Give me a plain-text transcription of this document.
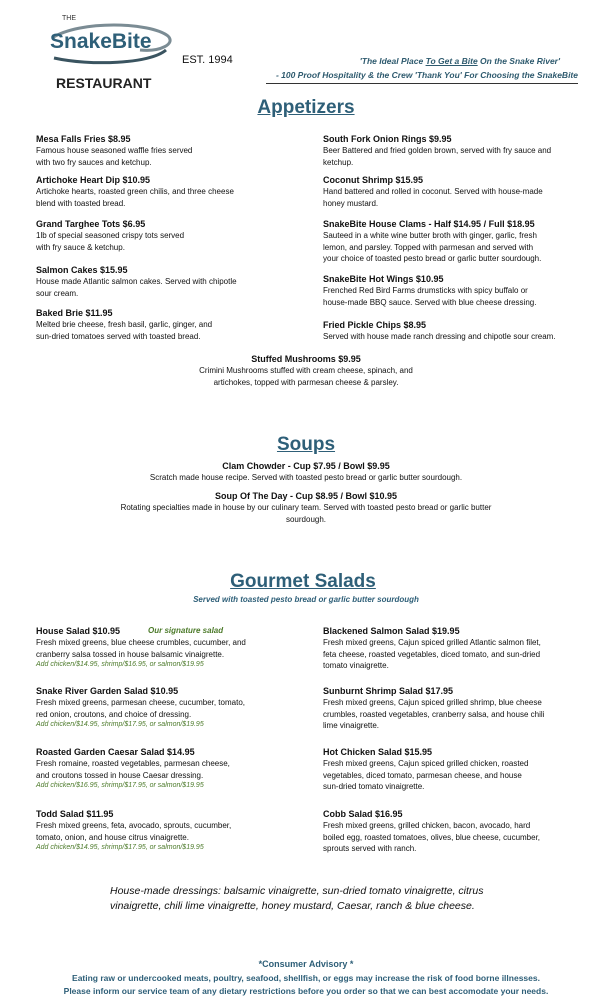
THE
SnakeBite
RESTAURANT
EST. 1994	'The Ideal Place To Get a Bite On the Snake River'
- 100 Proof Hospitality & the Crew 'Thank You' For Choosing the SnakeBite
Appetizers
Mesa Falls Fries $8.95
Famous house seasoned waffle fries served
with two fry sauces and ketchup.
Artichoke Heart Dip $10.95
Artichoke hearts, roasted green chilis, and three cheese
blend with toasted bread.
Grand Targhee Tots $6.95
1lb of special seasoned crispy tots served
with fry sauce & ketchup.
Salmon Cakes $15.95
House made Atlantic salmon cakes. Served with chipotle
sour cream.
Baked Brie $11.95
Melted brie cheese, fresh basil, garlic, ginger, and
sun-dried tomatoes served with toasted bread.
South Fork Onion Rings $9.95
Beer Battered and fried golden brown, served with fry sauce and
ketchup.
Coconut Shrimp $15.95
Hand battered and rolled in coconut. Served with house-made
honey mustard.
SnakeBite House Clams - Half $14.95 / Full $18.95
Sauteed in a white wine butter broth with ginger, garlic, fresh
lemon, and parsley. Topped with parmesan and served with
your choice of toasted pesto bread or garlic butter sourdough.
SnakeBite Hot Wings $10.95
Frenched Red Bird Farms drumsticks with spicy buffalo or
house-made BBQ sauce. Served with blue cheese dressing.
Fried Pickle Chips $8.95
Served with house made ranch dressing and chipotle sour cream.
Stuffed Mushrooms $9.95
Crimini Mushrooms stuffed with cream cheese, spinach, and
artichokes, topped with parmesan cheese & parsley.
Soups
Clam Chowder - Cup $7.95 / Bowl $9.95
Scratch made house recipe. Served with toasted pesto bread or garlic butter sourdough.
Soup Of The Day - Cup $8.95 / Bowl $10.95
Rotating specialties made in house by our culinary team. Served with toasted pesto bread or garlic butter
sourdough.
Gourmet Salads
Served with toasted pesto bread or garlic butter sourdough
Our signature salad
House Salad $10.95
Fresh mixed greens, blue cheese crumbles, cucumber, and
cranberry salsa tossed in house balsamic vinaigrette.
Add chicken/$14.95, shrimp/$16.95, or salmon/$19.95
Snake River Garden Salad $10.95
Fresh mixed greens, parmesan cheese, cucumber, tomato,
red onion, croutons, and choice of dressing.
Add chicken/$14.95, shrimp/$17.95, or salmon/$19.95
Roasted Garden Caesar Salad $14.95
Fresh romaine, roasted vegetables, parmesan cheese,
and croutons tossed in house Caesar dressing.
Add chicken/$16.95, shrimp/$17.95, or salmon/$19.95
Todd Salad $11.95
Fresh mixed greens, feta, avocado, sprouts, cucumber,
tomato, onion, and house citrus vinaigrette.
Add chicken/$14.95, shrimp/$17.95, or salmon/$19.95
Blackened Salmon Salad $19.95
Fresh mixed greens, Cajun spiced grilled Atlantic salmon filet,
feta cheese, roasted vegetables, diced tomato, and sun-dried
tomato vinaigrette.
Sunburnt Shrimp Salad $17.95
Fresh mixed greens, Cajun spiced grilled shrimp, blue cheese
crumbles, roasted vegetables, cranberry salsa, and house chili
lime vinaigrette.
Hot Chicken Salad $15.95
Fresh mixed greens, Cajun spiced grilled chicken, roasted
vegetables, diced tomato, parmesan cheese, and house
sun-dried tomato vinaigrette.
Cobb Salad $16.95
Fresh mixed greens, grilled chicken, bacon, avocado, hard
boiled egg, roasted tomatoes, olives, blue cheese, cucumber,
sprouts served with ranch.
House-made dressings: balsamic vinaigrette, sun-dried tomato vinaigrette, citrus
vinaigrette, chili lime vinaigrette, honey mustard, Caesar, ranch & blue cheese.
*Consumer Advisory *
Eating raw or undercooked meats, poultry, seafood, shellfish, or eggs may increase the risk of food borne illnesses.
Please inform our service team of any dietary restrictions before you order so that we can best accomodate your needs.
